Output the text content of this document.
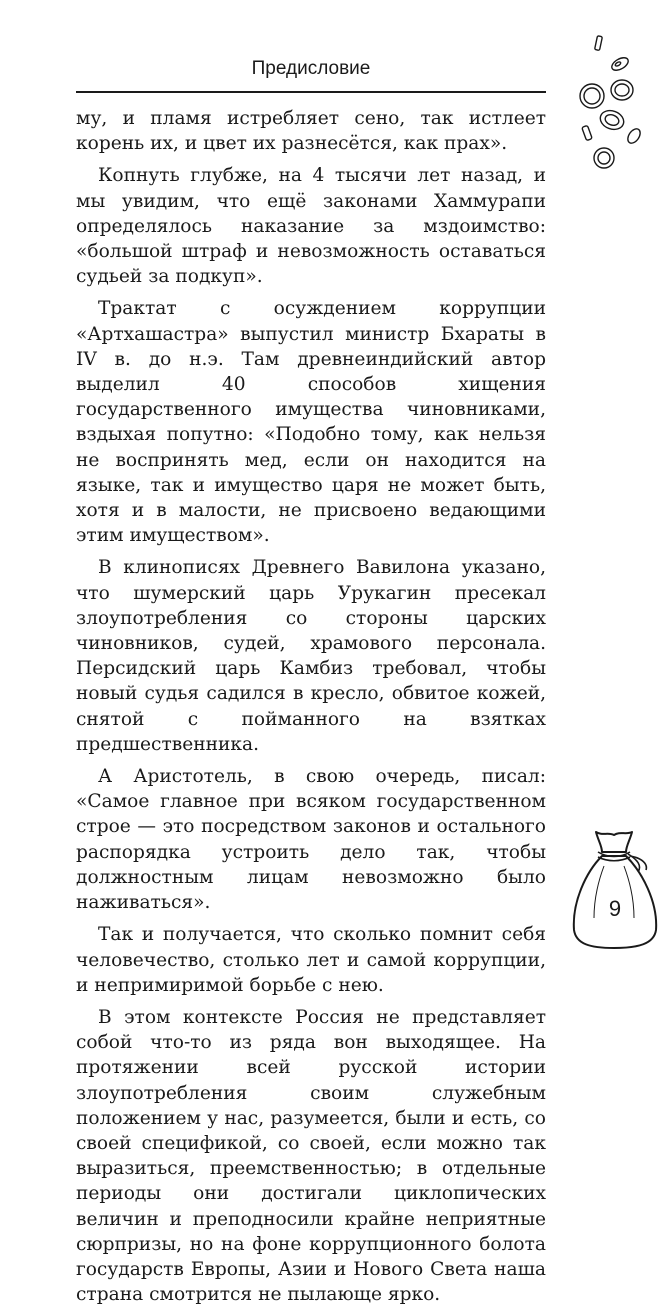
Предисловие

му, и пламя истребляет сено, так истлеет корень их, и цвет их разнесётся, как прах».

Копнуть глубже, на 4 тысячи лет назад, и мы увидим, что ещё законами Хаммурапи определялось наказание за мздоимство: «большой штраф и невозможность оставаться судьей за подкуп».

Трактат с осуждением коррупции «Артхашастра» выпустил министр Бхараты в IV в. до н.э. Там древнеиндийский автор выделил 40 способов хищения государственного имущества чиновниками, вздыхая попутно: «Подобно тому, как нельзя не воспринять мед, если он находится на языке, так и имущество царя не может быть, хотя и в малости, не присвоено ведающими этим имуществом».

В клинописях Древнего Вавилона указано, что шумерский царь Урукагин пресекал злоупотребления со стороны царских чиновников, судей, храмового персонала. Персидский царь Камбиз требовал, чтобы новый судья садился в кресло, обвитое кожей, снятой с пойманного на взятках предшественника.

А Аристотель, в свою очередь, писал: «Самое главное при всяком государственном строе — это посредством законов и остального распорядка устроить дело так, чтобы должностным лицам невозможно было наживаться».

Так и получается, что сколько помнит себя человечество, столько лет и самой коррупции, и непримиримой борьбе с нею.

В этом контексте Россия не представляет собой что-то из ряда вон выходящее. На протяжении всей русской истории злоупотребления своим служебным положением у нас, разумеется, были и есть, со своей спецификой, со своей, если можно так выразиться, преемственностью; в отдельные периоды они достигали циклопических величин и преподносили крайне неприятные сюрпризы, но на фоне коррупционного болота государств Европы, Азии и Нового Света наша страна смотрится не пылающе ярко.

9
